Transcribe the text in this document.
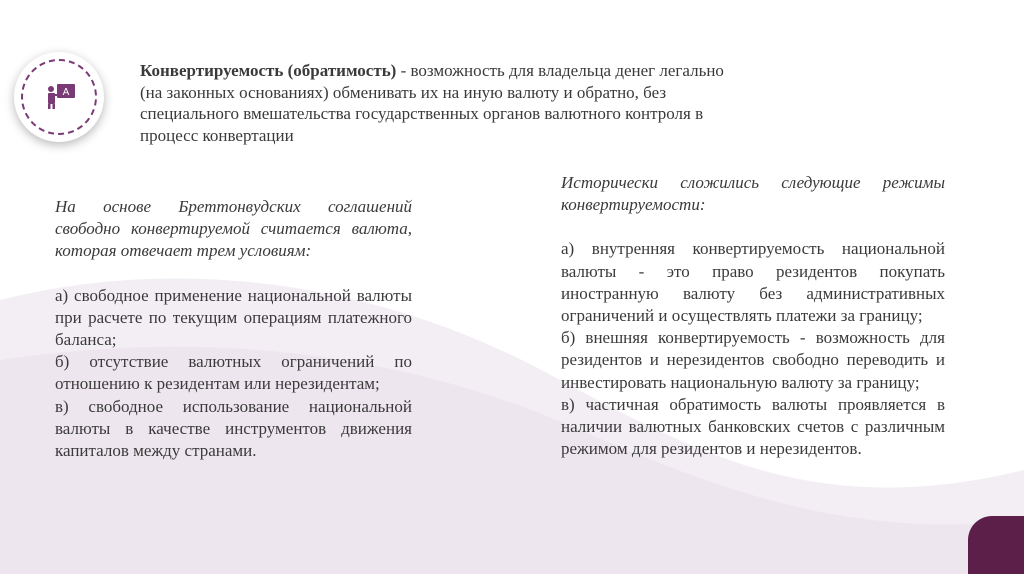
A
Конвертируемость (обратимость) - возможность для владельца денег легально (на законных основаниях) обменивать их на иную валюту и обратно, без специального вмешательства государственных органов валютного контроля в процесс конвертации

На основе Бреттонвудских соглашений свободно конвертируемой считается валюта, которая отвечает трем условиям:

а) свободное применение национальной валюты при расчете по текущим операциям платежного баланса;

б) отсутствие валютных ограничений по отношению к резидентам или нерезидентам;

в) свободное использование национальной валюты в качестве инструментов движения капиталов между странами.

Исторически сложились следующие режимы конвертируемости:

а) внутренняя конвертируемость национальной валюты - это право резидентов покупать иностранную валюту без административных ограничений и осуществлять платежи за границу;

б) внешняя конвертируемость - возможность для резидентов и нерезидентов свободно переводить и инвестировать национальную валюту за границу;

в) частичная обратимость валюты проявляется в наличии валютных банковских счетов с различным режимом для резидентов и нерезидентов.
